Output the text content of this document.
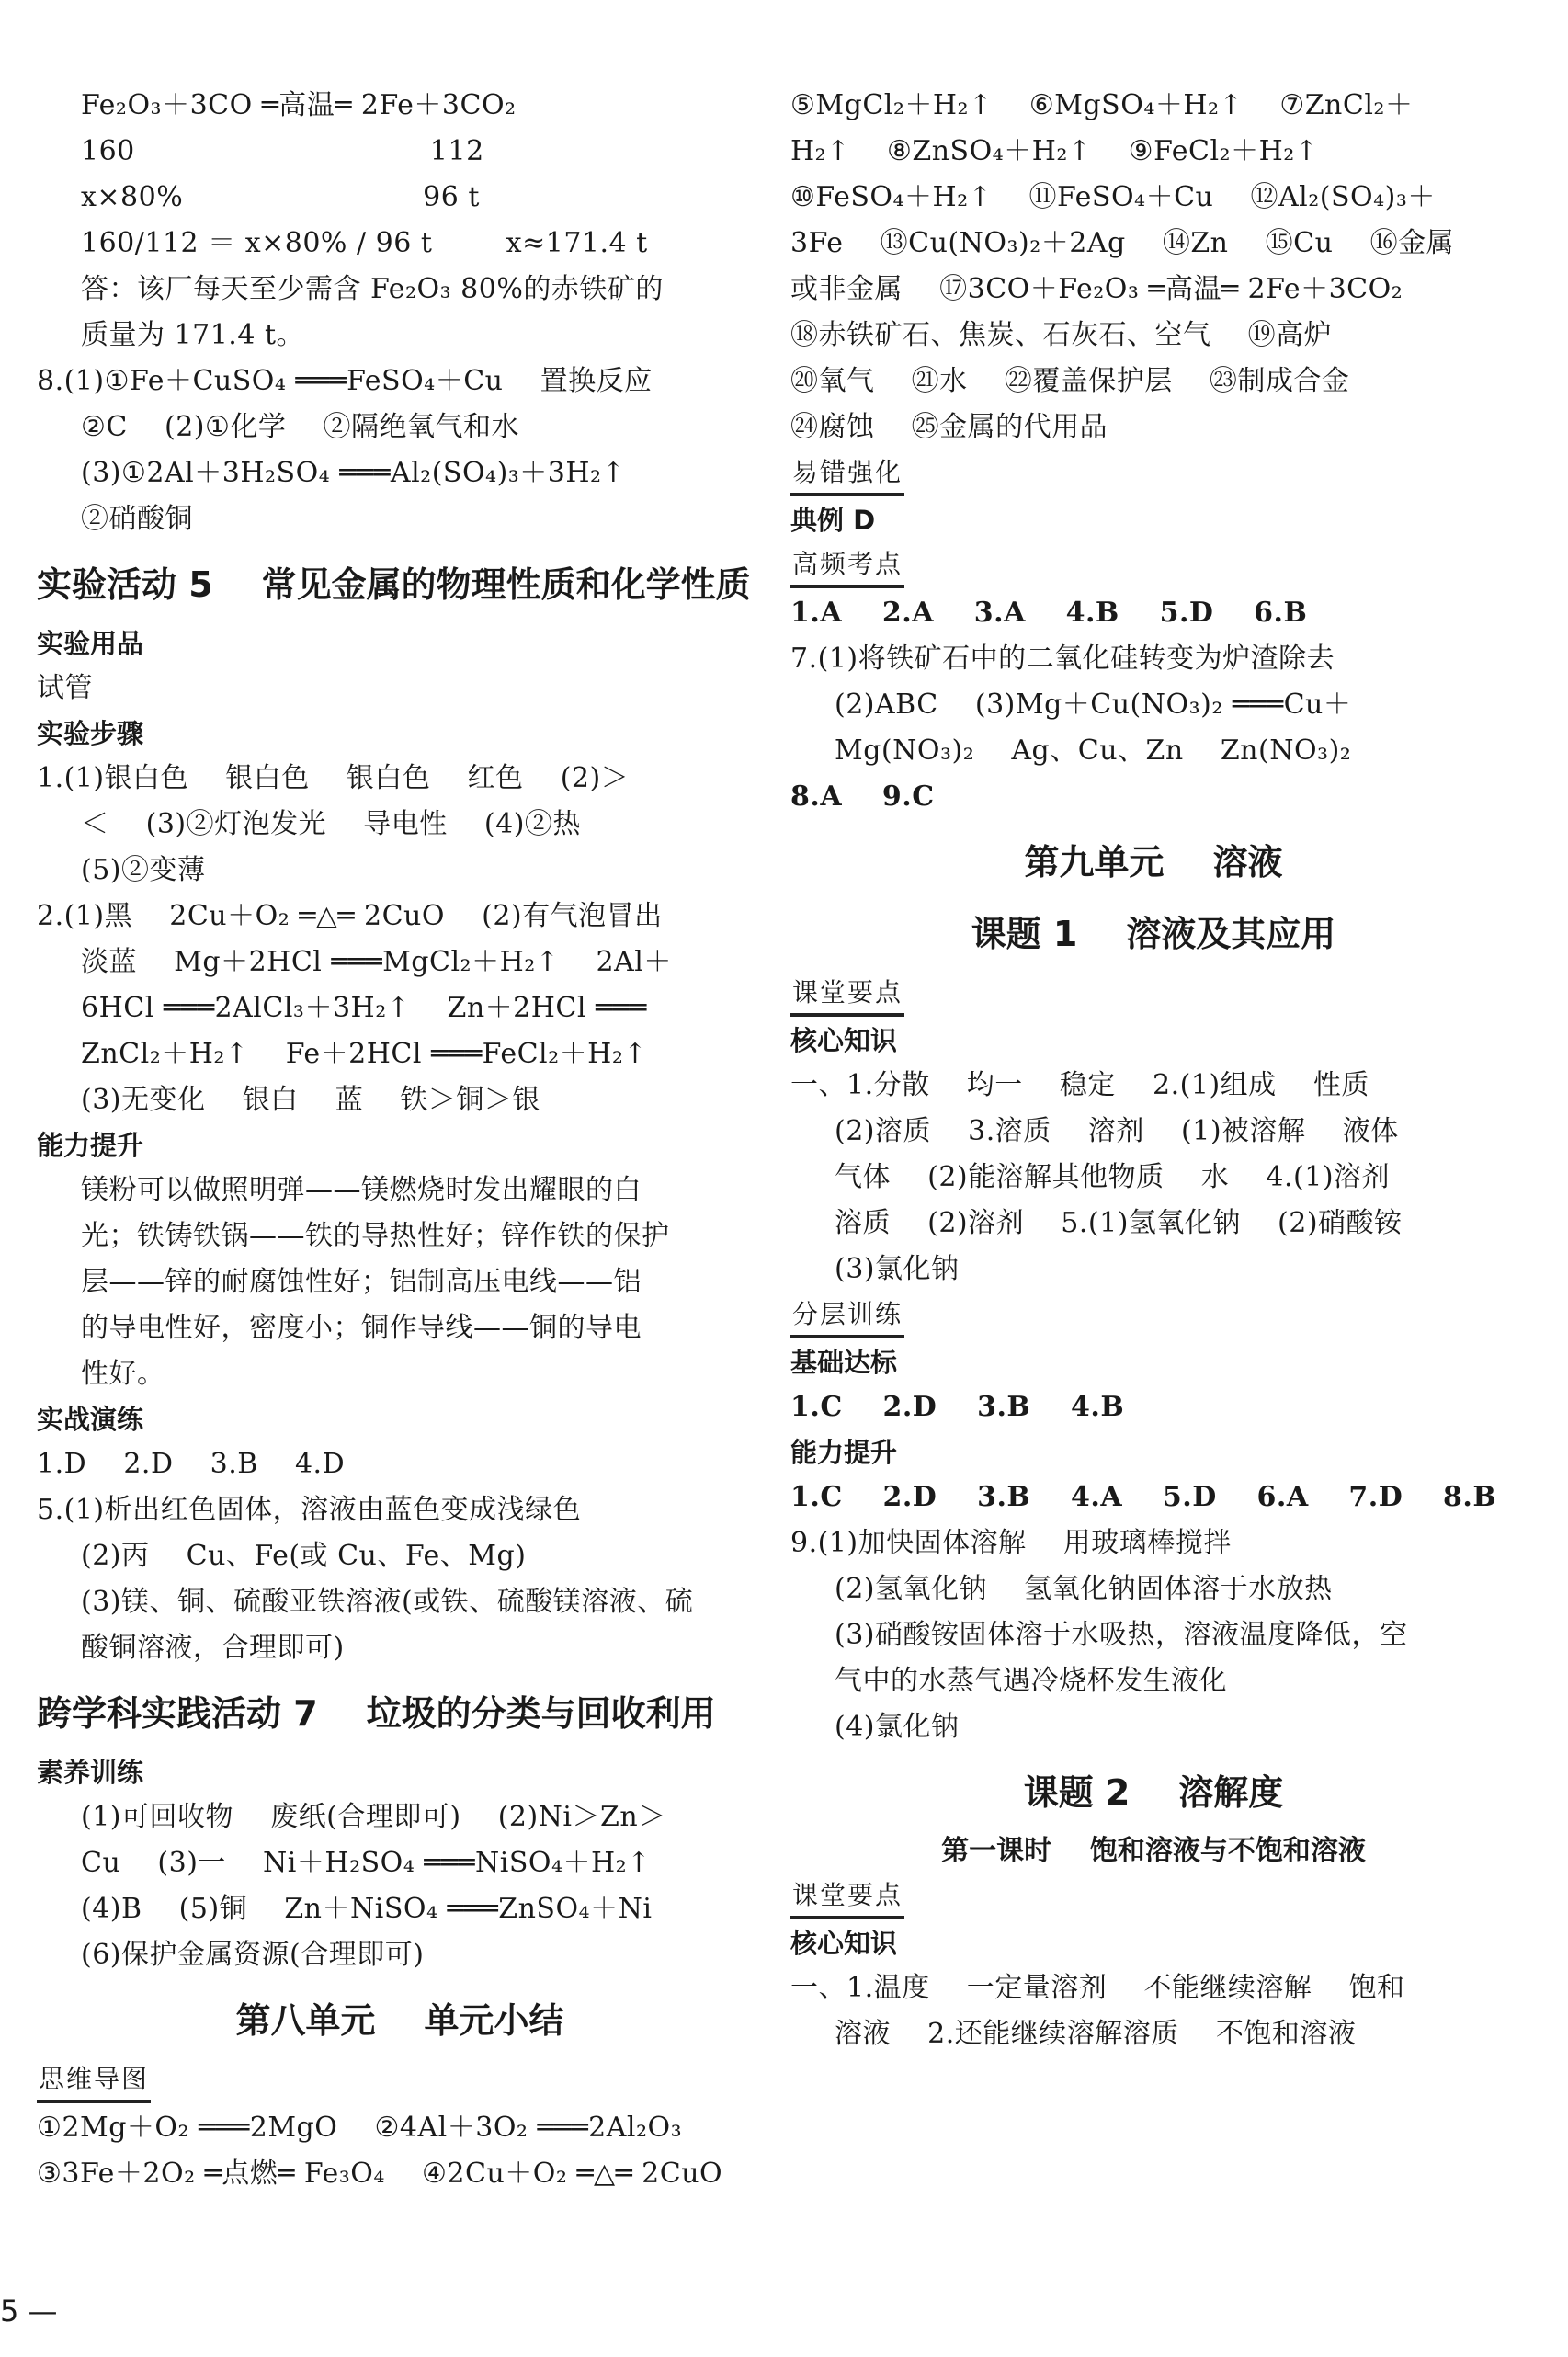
Fe₂O₃＋3CO ═高温═ 2Fe＋3CO₂
160                                112
x×80%                          96 t
160/112 ＝ x×80% / 96 t        x≈171.4 t
答：该厂每天至少需含 Fe₂O₃ 80%的赤铁矿的
质量为 171.4 t。
8.(1)①Fe＋CuSO₄ ═══FeSO₄＋Cu    置换反应
②C    (2)①化学    ②隔绝氧气和水
(3)①2Al＋3H₂SO₄ ═══Al₂(SO₄)₃＋3H₂↑
②硝酸铜
实验活动 5    常见金属的物理性质和化学性质
实验用品
试管
实验步骤
1.(1)银白色    银白色    银白色    红色    (2)＞
＜    (3)②灯泡发光    导电性    (4)②热
(5)②变薄
2.(1)黑    2Cu＋O₂ ═△═ 2CuO    (2)有气泡冒出
淡蓝    Mg＋2HCl ═══MgCl₂＋H₂↑    2Al＋
6HCl ═══2AlCl₃＋3H₂↑    Zn＋2HCl ═══
ZnCl₂＋H₂↑    Fe＋2HCl ═══FeCl₂＋H₂↑
(3)无变化    银白    蓝    铁＞铜＞银
能力提升
镁粉可以做照明弹——镁燃烧时发出耀眼的白
光；铁铸铁锅——铁的导热性好；锌作铁的保护
层——锌的耐腐蚀性好；铝制高压电线——铝
的导电性好，密度小；铜作导线——铜的导电
性好。
实战演练
1.D    2.D    3.B    4.D
5.(1)析出红色固体，溶液由蓝色变成浅绿色
(2)丙    Cu、Fe(或 Cu、Fe、Mg)
(3)镁、铜、硫酸亚铁溶液(或铁、硫酸镁溶液、硫
酸铜溶液，合理即可)
跨学科实践活动 7    垃圾的分类与回收利用
素养训练
(1)可回收物    废纸(合理即可)    (2)Ni＞Zn＞
Cu    (3)一    Ni＋H₂SO₄ ═══NiSO₄＋H₂↑
(4)B    (5)铜    Zn＋NiSO₄ ═══ZnSO₄＋Ni
(6)保护金属资源(合理即可)
第八单元    单元小结
思维导图
①2Mg＋O₂ ═══2MgO    ②4Al＋3O₂ ═══2Al₂O₃
③3Fe＋2O₂ ═点燃═ Fe₃O₄    ④2Cu＋O₂ ═△═ 2CuO
⑤MgCl₂＋H₂↑    ⑥MgSO₄＋H₂↑    ⑦ZnCl₂＋
H₂↑    ⑧ZnSO₄＋H₂↑    ⑨FeCl₂＋H₂↑
⑩FeSO₄＋H₂↑    ⑪FeSO₄＋Cu    ⑫Al₂(SO₄)₃＋
3Fe    ⑬Cu(NO₃)₂＋2Ag    ⑭Zn    ⑮Cu    ⑯金属
或非金属    ⑰3CO＋Fe₂O₃ ═高温═ 2Fe＋3CO₂
⑱赤铁矿石、焦炭、石灰石、空气    ⑲高炉
⑳氧气    ㉑水    ㉒覆盖保护层    ㉓制成合金
㉔腐蚀    ㉕金属的代用品
易错强化
典例 D
高频考点
1.A    2.A    3.A    4.B    5.D    6.B
7.(1)将铁矿石中的二氧化硅转变为炉渣除去
(2)ABC    (3)Mg＋Cu(NO₃)₂ ═══Cu＋
Mg(NO₃)₂    Ag、Cu、Zn    Zn(NO₃)₂
8.A    9.C
第九单元    溶液
课题 1    溶液及其应用
课堂要点
核心知识
一、1.分散    均一    稳定    2.(1)组成    性质
(2)溶质    3.溶质    溶剂    (1)被溶解    液体
气体    (2)能溶解其他物质    水    4.(1)溶剂
溶质    (2)溶剂    5.(1)氢氧化钠    (2)硝酸铵
(3)氯化钠
分层训练
基础达标
1.C    2.D    3.B    4.B
能力提升
1.C    2.D    3.B    4.A    5.D    6.A    7.D    8.B
9.(1)加快固体溶解    用玻璃棒搅拌
(2)氢氧化钠    氢氧化钠固体溶于水放热
(3)硝酸铵固体溶于水吸热，溶液温度降低，空
气中的水蒸气遇冷烧杯发生液化
(4)氯化钠
课题 2    溶解度
第一课时    饱和溶液与不饱和溶液
课堂要点
核心知识
一、1.温度    一定量溶剂    不能继续溶解    饱和
溶液    2.还能继续溶解溶质    不饱和溶液
5 —
